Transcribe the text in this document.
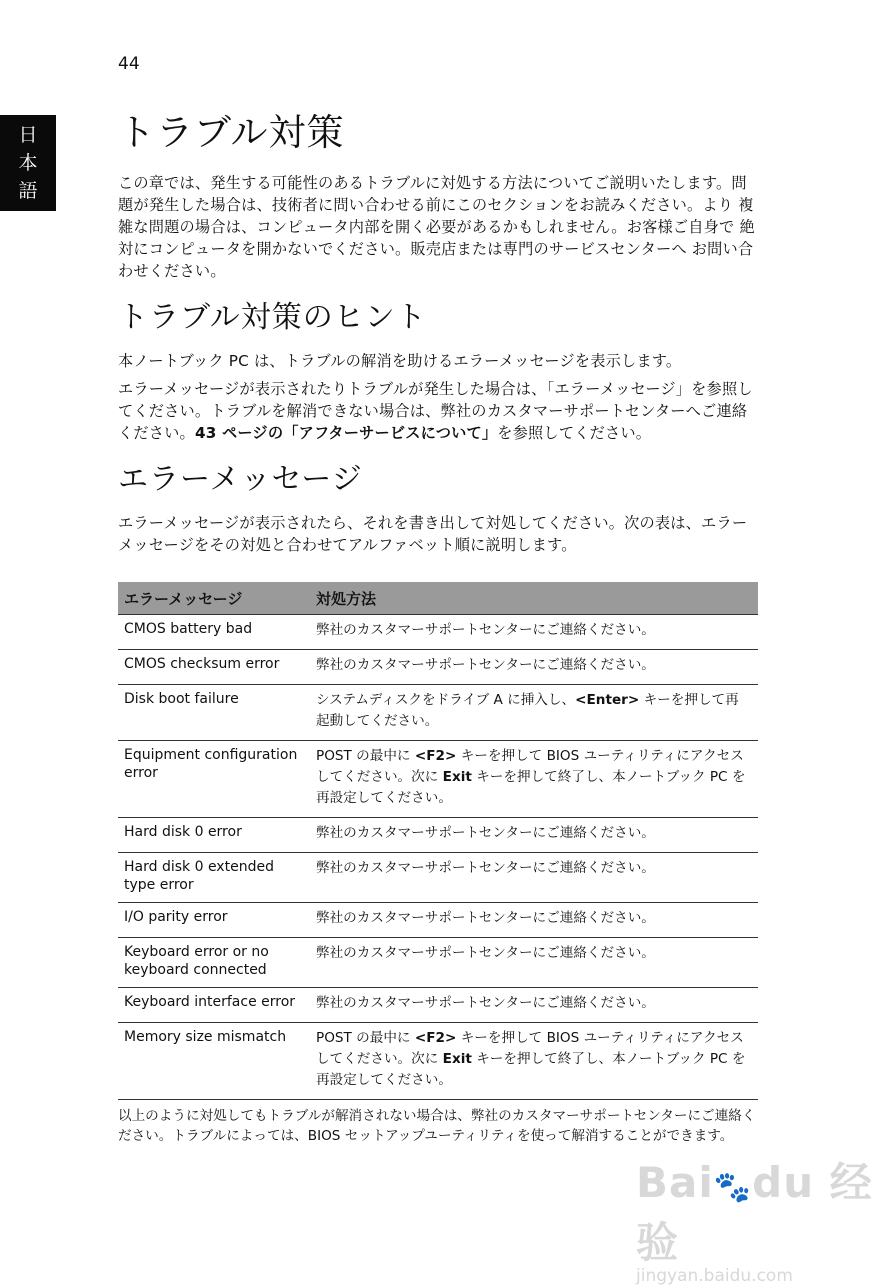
44
日
本
語
トラブル対策

この章では、発生する可能性のあるトラブルに対処する方法についてご説明いたします。問題が発生した場合は、技術者に問い合わせる前にこのセクションをお読みください。より 複雑な問題の場合は、コンピュータ内部を開く必要があるかもしれません。お客様ご自身で 絶対にコンピュータを開かないでください。販売店または専門のサービスセンターへ お問い合わせください。

トラブル対策のヒント

本ノートブック PC は、トラブルの解消を助けるエラーメッセージを表示します。

エラーメッセージが表示されたりトラブルが発生した場合は、「エラーメッセージ」を参照してください。トラブルを解消できない場合は、弊社のカスタマーサポートセンターへご連絡ください。43 ページの「アフターサービスについて」を参照してください。

エラーメッセージ

エラーメッセージが表示されたら、それを書き出して対処してください。次の表は、エラーメッセージをその対処と合わせてアルファベット順に説明します。

エラーメッセージ	対処方法
CMOS battery bad	弊社のカスタマーサポートセンターにご連絡ください。
CMOS checksum error	弊社のカスタマーサポートセンターにご連絡ください。
Disk boot failure	システムディスクをドライブ A に挿入し、<Enter> キーを押して再起動してください。
Equipment configuration error	POST の最中に <F2> キーを押して BIOS ユーティリティにアクセスしてください。次に Exit キーを押して終了し、本ノートブック PC を再設定してください。
Hard disk 0 error	弊社のカスタマーサポートセンターにご連絡ください。
Hard disk 0 extended type error	弊社のカスタマーサポートセンターにご連絡ください。
I/O parity error	弊社のカスタマーサポートセンターにご連絡ください。
Keyboard error or no keyboard connected	弊社のカスタマーサポートセンターにご連絡ください。
Keyboard interface error	弊社のカスタマーサポートセンターにご連絡ください。
Memory size mismatch	POST の最中に <F2> キーを押して BIOS ユーティリティにアクセスしてください。次に Exit キーを押して終了し、本ノートブック PC を再設定してください。
以上のように対処してもトラブルが解消されない場合は、弊社のカスタマーサポートセンターにご連絡ください。トラブルによっては、BIOS セットアップユーティリティを使って解消することができます。
Bai🐾du 经验
jingyan.baidu.com
